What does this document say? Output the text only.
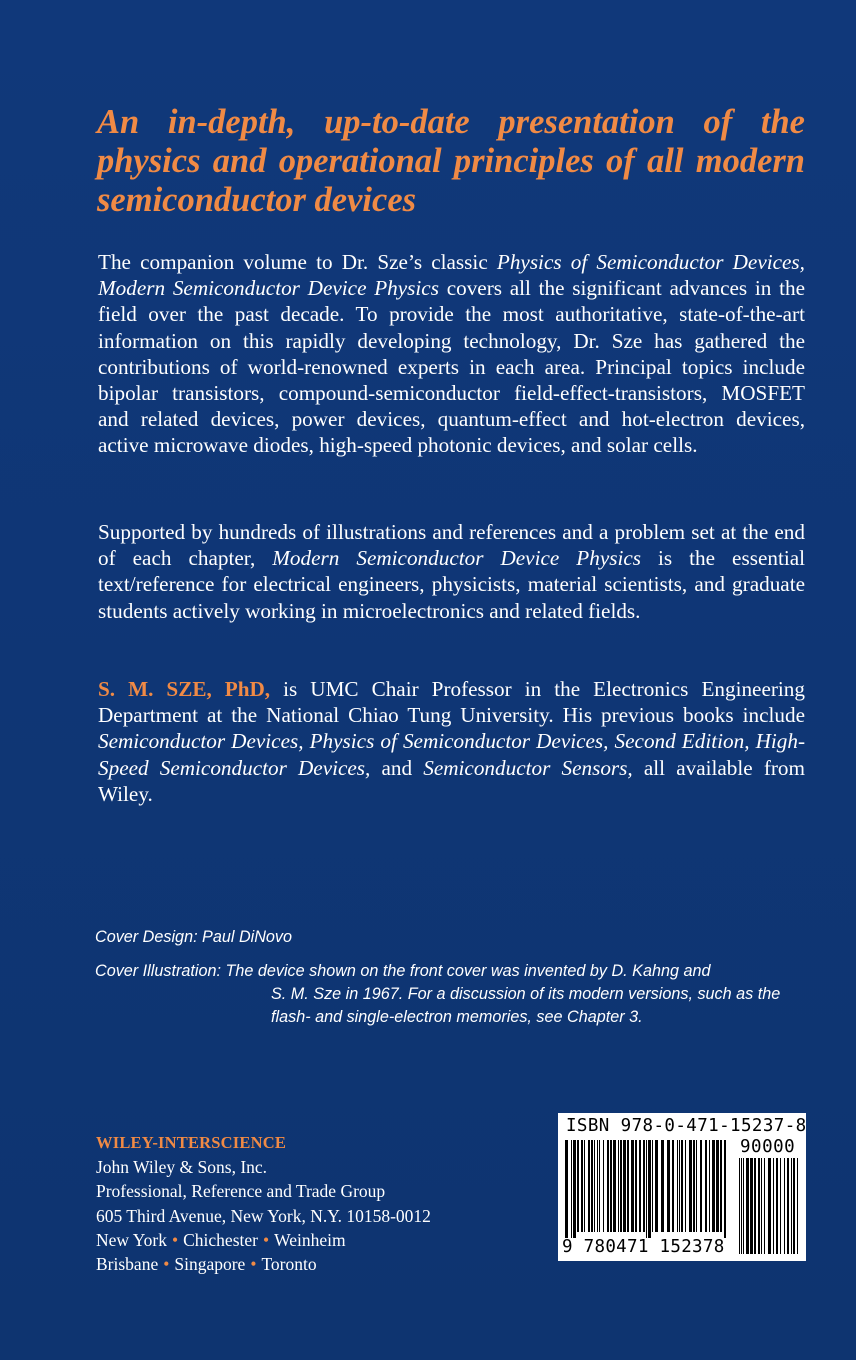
An in-depth, up-to-date presentation of the physics and operational principles of all modern semiconductor devices

The companion volume to Dr. Sze’s classic Physics of Semiconductor Devices, Modern Semiconductor Device Physics covers all the significant advances in the field over the past decade. To provide the most authoritative, state-of-the-art information on this rapidly developing technology, Dr. Sze has gathered the contributions of world-renowned experts in each area. Principal topics include bipolar transistors, compound-semiconductor field-effect-transistors, MOSFET and related devices, power devices, quantum-effect and hot-electron devices, active microwave diodes, high-speed photonic devices, and solar cells.

Supported by hundreds of illustrations and references and a problem set at the end of each chapter, Modern Semiconductor Device Physics is the essential text/reference for electrical engineers, physicists, material scientists, and graduate students actively working in microelectronics and related fields.

S. M. SZE, PhD, is UMC Chair Professor in the Electronics Engineering Department at the National Chiao Tung University. His previous books include Semiconductor Devices, Physics of Semiconductor Devices, Second Edition, High-Speed Semiconductor Devices, and Semiconductor Sensors, all available from Wiley.

Cover Design: Paul DiNovo
Cover Illustration: The device shown on the front cover was invented by D. Kahng and
S. M. Sze in 1967. For a discussion of its modern versions, such as the
flash- and single-electron memories, see Chapter 3.
WILEY-INTERSCIENCE
John Wiley & Sons, Inc.
Professional, Reference and Trade Group
605 Third Avenue, New York, N.Y. 10158-0012
New York • Chichester • Weinheim
Brisbane • Singapore • Toronto
ISBN 978-0-471-15237-8
90000
9 780471 152378
